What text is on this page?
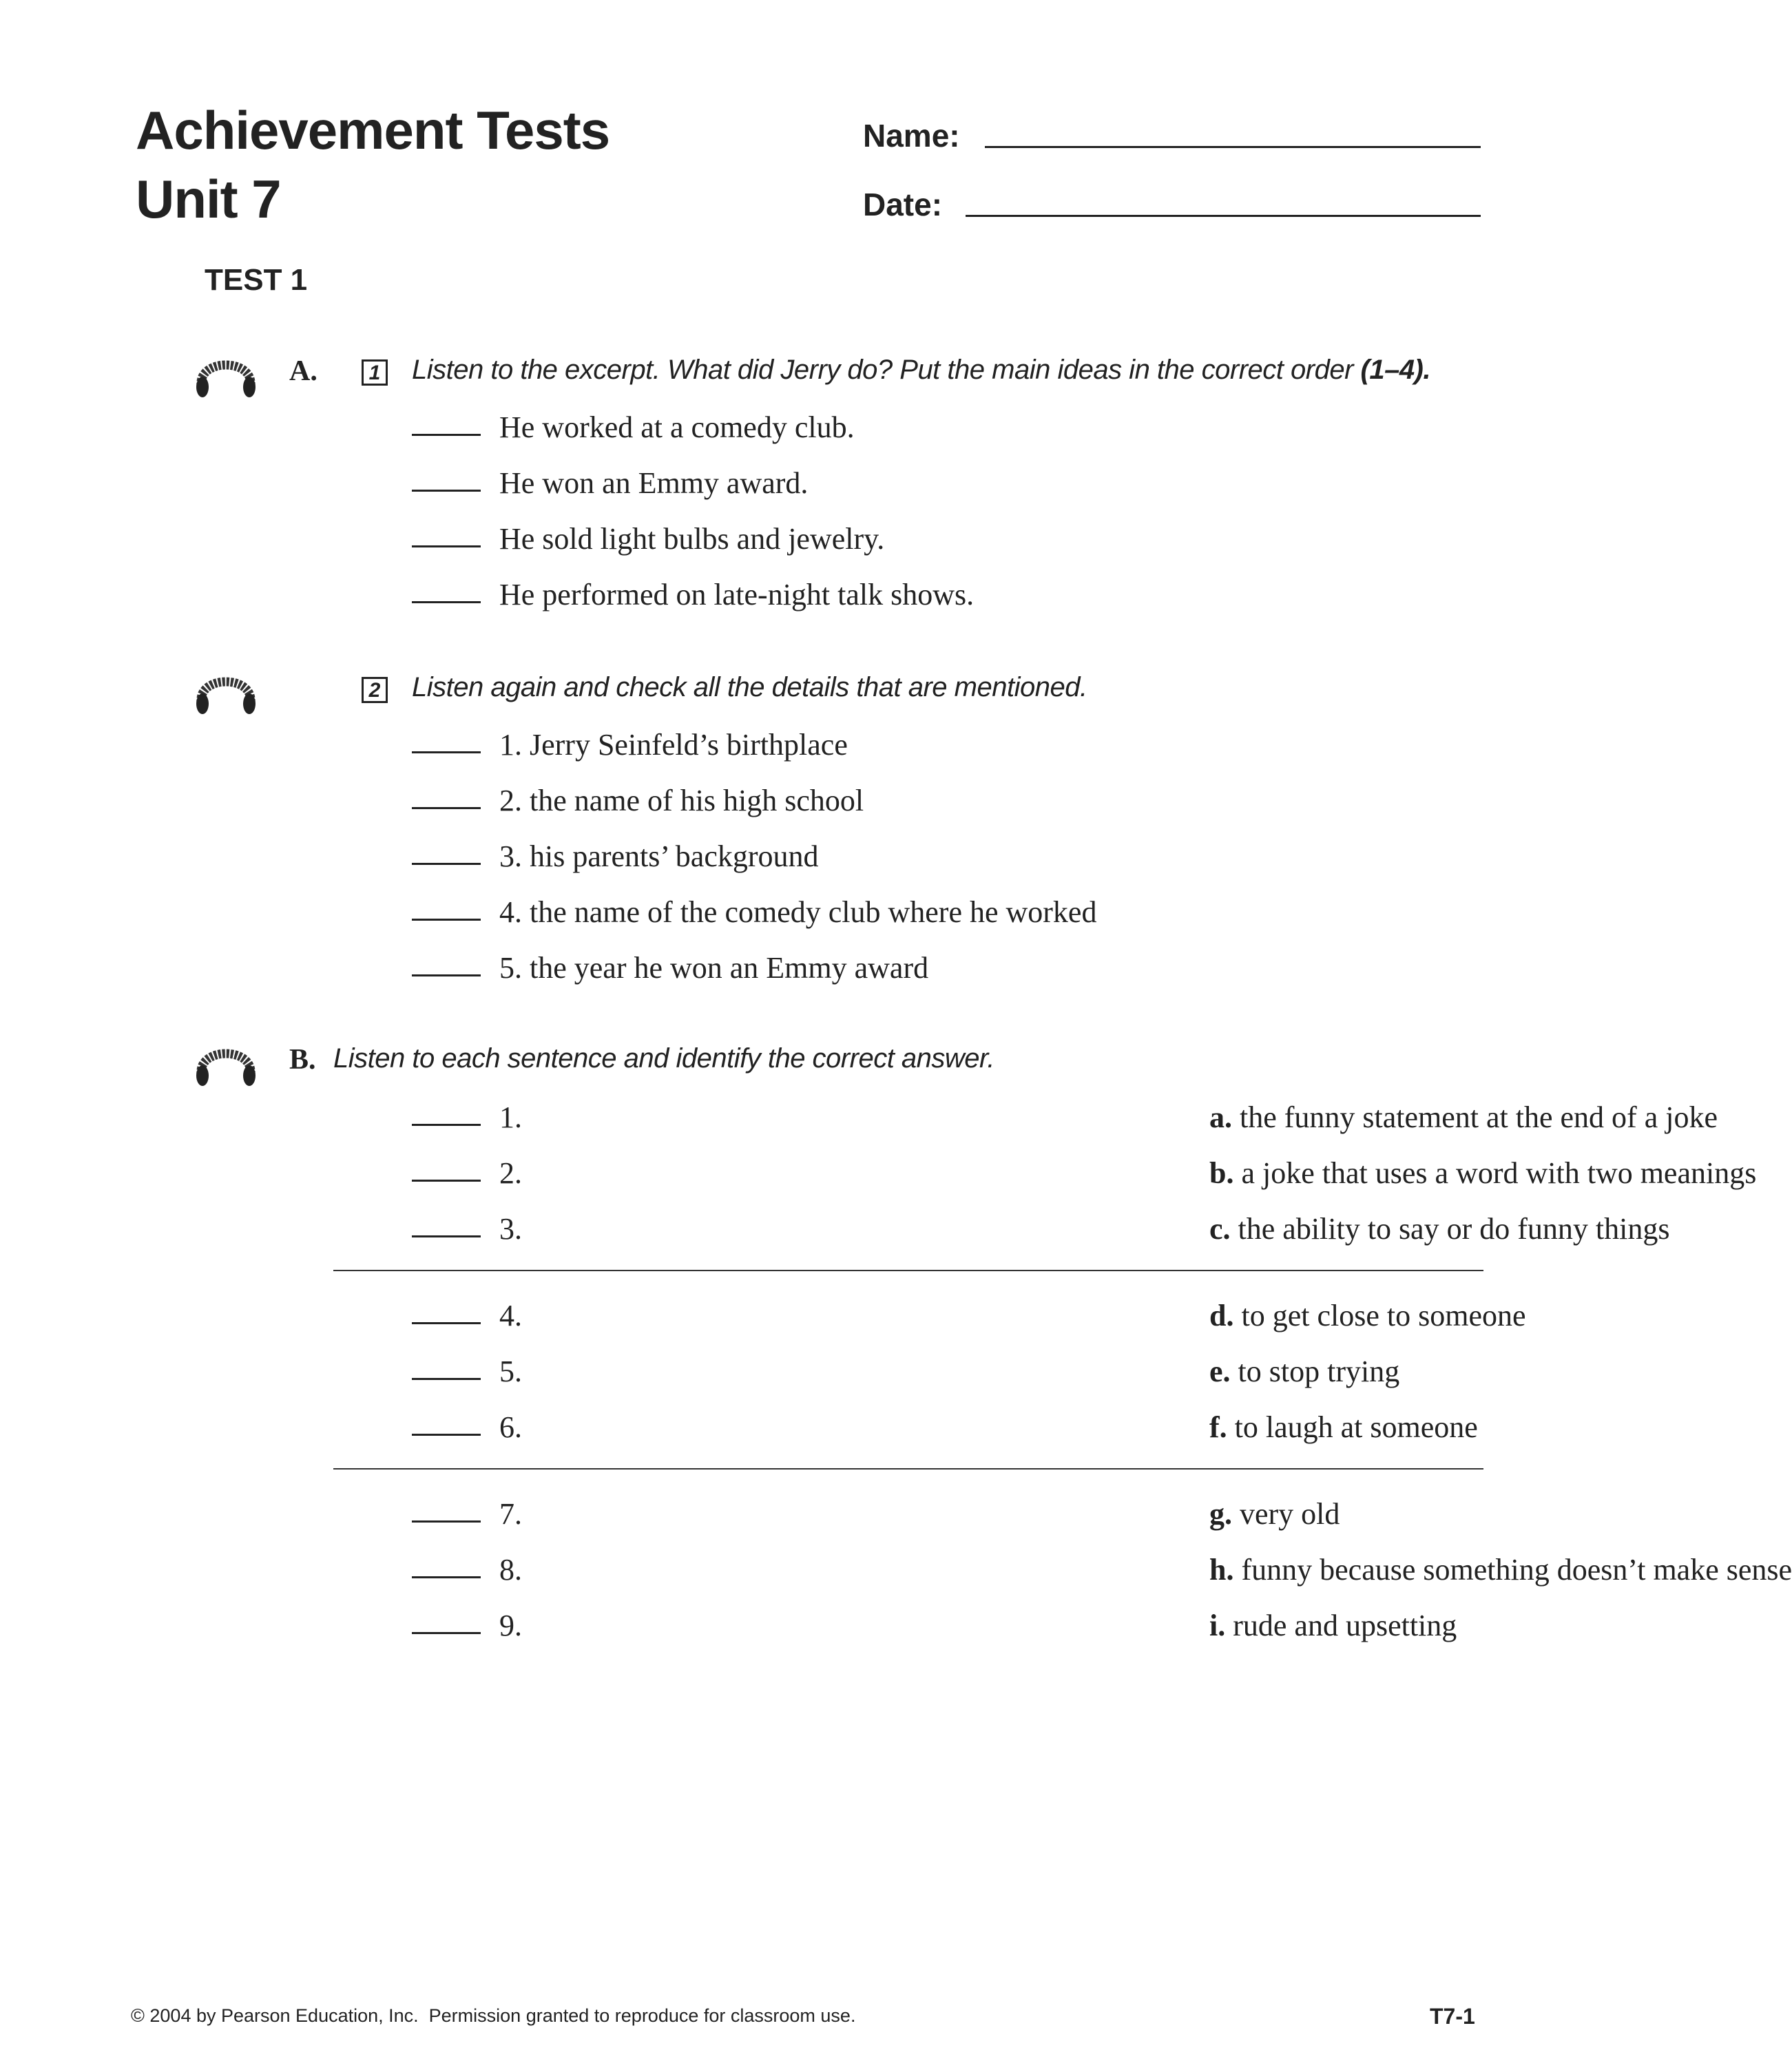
Achievement Tests
Unit 7
Name:
Date:
TEST 1
A.	1 Listen to the excerpt. What did Jerry do? Put the main ideas in the correct order (1–4).
He worked at a comedy club.
He won an Emmy award.
He sold light bulbs and jewelry.
He performed on late-night talk shows.
2 Listen again and check all the details that are mentioned.
1. Jerry Seinfeld’s birthplace
2. the name of his high school
3. his parents’ background
4. the name of the comedy club where he worked
5. the year he won an Emmy award
B. Listen to each sentence and identify the correct answer.
1.	a. the funny statement at the end of a joke
2.	b. a joke that uses a word with two meanings
3.	c. the ability to say or do funny things
4.	d. to get close to someone
5.	e. to stop trying
6.	f. to laugh at someone
7.	g. very old
8.	h. funny because something doesn’t make sense
9.	i. rude and upsetting
© 2004 by Pearson Education, Inc.  Permission granted to reproduce for classroom use.	T7-1
